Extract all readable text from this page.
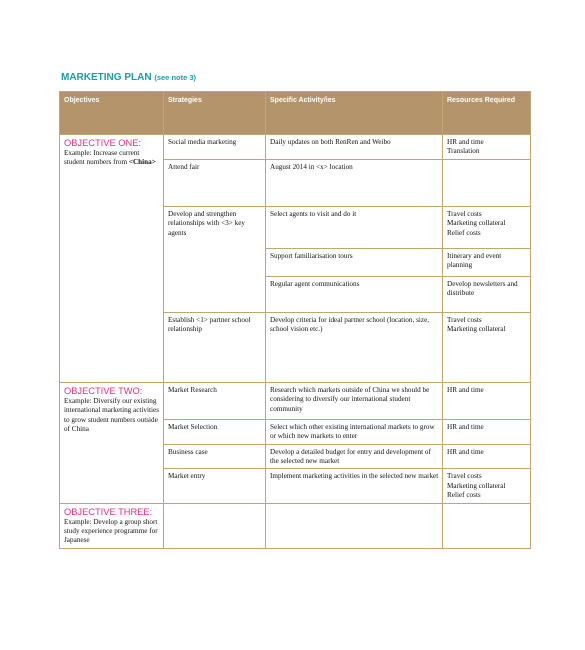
MARKETING PLAN (see note 3)
Objectives	Strategies	Specific Activity/ies	Resources Required

OBJECTIVE ONE:
Example: Increase current student numbers from <China>	Social media marketing	Daily updates on both RenRen and Weibo	HR and time
Translation
	Attend fair	August 2014 in <x> location	
	Develop and strengthen relationships with <3> key agents	Select agents to visit and do it	Travel costs
Marketing collateral
Relief costs
		Support familiarisation tours	Itinerary and event planning
		Regular agent communications	Develop newsletters and distribute
	Establish <1> partner school relationship	Develop criteria for ideal partner school (location, size, school vision etc.)	Travel costs
Marketing collateral

OBJECTIVE TWO:
Example: Diversify our existing international marketing activities to grow student numbers outside of China	Market Research	Research which markets outside of China we should be considering to diversify our international student community	HR and time
	Market Selection	Select which other existing international markets to grow or which new markets to enter	HR and time
	Business case	Develop a detailed budget for entry and development of the selected new market	HR and time
	Market entry	Implement marketing activities in the selected new market	Travel costs
Marketing collateral
Relief costs

OBJECTIVE THREE:
Example: Develop a group short study experience programme for Japanese			
